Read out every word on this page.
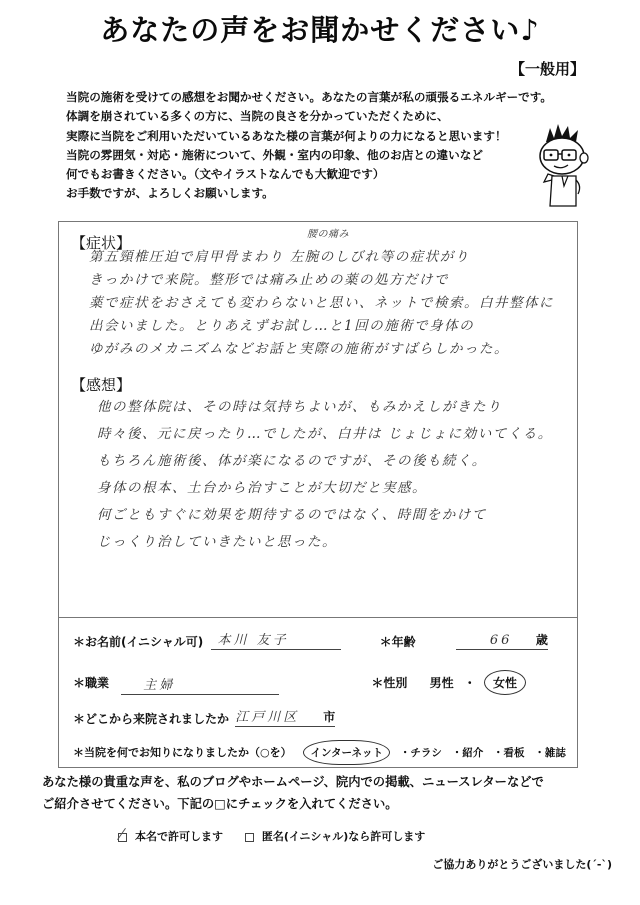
あなたの声をお聞かせください♪
【一般用】
当院の施術を受けての感想をお聞かせください。あなたの言葉が私の頑張るエネルギーです。
体調を崩されている多くの方に、当院の良さを分かっていただくために、
実際に当院をご利用いただいているあなた様の言葉が何よりの力になると思います！
当院の雰囲気・対応・施術について、外観・室内の印象、他のお店との違いなど
何でもお書きください。（文やイラストなんでも大歓迎です）
お手数ですが、よろしくお願いします。
【症状】	腰の痛み
第五頸椎圧迫で肩甲骨まわり 左腕のしびれ等の症状がり
きっかけで来院。整形では痛み止めの薬の処方だけで
薬で症状をおさえても変わらないと思い、ネットで検索。白井整体に
出会いました。とりあえずお試し…と1回の施術で身体の
ゆがみのメカニズムなどお話と実際の施術がすばらしかった。
【感想】
他の整体院は、その時は気持ちよいが、もみかえしがきたり
時々後、元に戻ったり…でしたが、白井は じょじょに効いてくる。
もちろん施術後、体が楽になるのですが、その後も続く。
身体の根本、土台から治すことが大切だと実感。
何ごともすぐに効果を期待するのではなく、時間をかけて
じっくり治していきたいと思った。
＊お名前(イニシャル可) 本川 友子	＊年齢	66 歳
＊職業	主婦	＊性別 男性 ・ 女性
＊どこから来院されましたか 江戸川区 市
＊当院を何でお知りになりましたか（○を） インターネット ・チラシ ・紹介 ・看板 ・雑誌
あなた様の貴重な声を、私のブログやホームページ、院内での掲載、ニュースレターなどで
ご紹介させてください。下記の□にチェックを入れてください。
本名で許可します	匿名(イニシャル)なら許可します
ご協力ありがとうございました(´-`)
